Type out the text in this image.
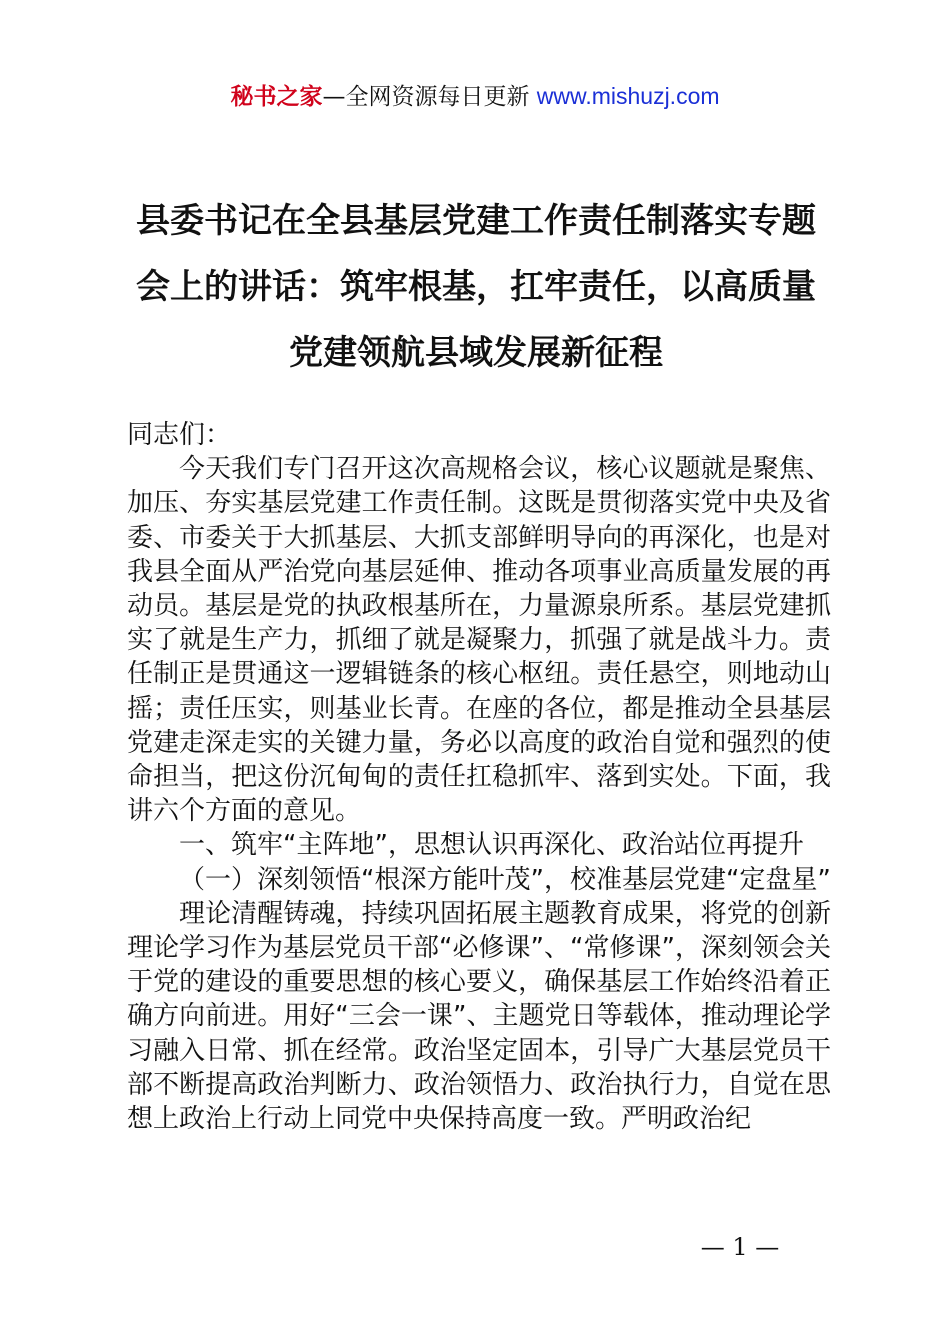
秘书之家—全网资源每日更新 www.mishuzj.com
县委书记在全县基层党建工作责任制落实专题会上的讲话：筑牢根基，扛牢责任，以高质量党建领航县域发展新征程

同志们：

今天我们专门召开这次高规格会议，核心议题就是聚焦、加压、夯实基层党建工作责任制。这既是贯彻落实党中央及省委、市委关于大抓基层、大抓支部鲜明导向的再深化，也是对我县全面从严治党向基层延伸、推动各项事业高质量发展的再动员。基层是党的执政根基所在，力量源泉所系。基层党建抓实了就是生产力，抓细了就是凝聚力，抓强了就是战斗力。责任制正是贯通这一逻辑链条的核心枢纽。责任悬空，则地动山摇；责任压实，则基业长青。在座的各位，都是推动全县基层党建走深走实的关键力量，务必以高度的政治自觉和强烈的使命担当，把这份沉甸甸的责任扛稳抓牢、落到实处。下面，我讲六个方面的意见。

一、筑牢“主阵地”，思想认识再深化、政治站位再提升

（一）深刻领悟“根深方能叶茂”，校准基层党建“定盘星”

理论清醒铸魂，持续巩固拓展主题教育成果，将党的创新理论学习作为基层党员干部“必修课”、“常修课”，深刻领会关于党的建设的重要思想的核心要义，确保基层工作始终沿着正确方向前进。用好“三会一课”、主题党日等载体，推动理论学习融入日常、抓在经常。政治坚定固本，引导广大基层党员干部不断提高政治判断力、政治领悟力、政治执行力，自觉在思想上政治上行动上同党中央保持高度一致。严明政治纪

— 1 —
